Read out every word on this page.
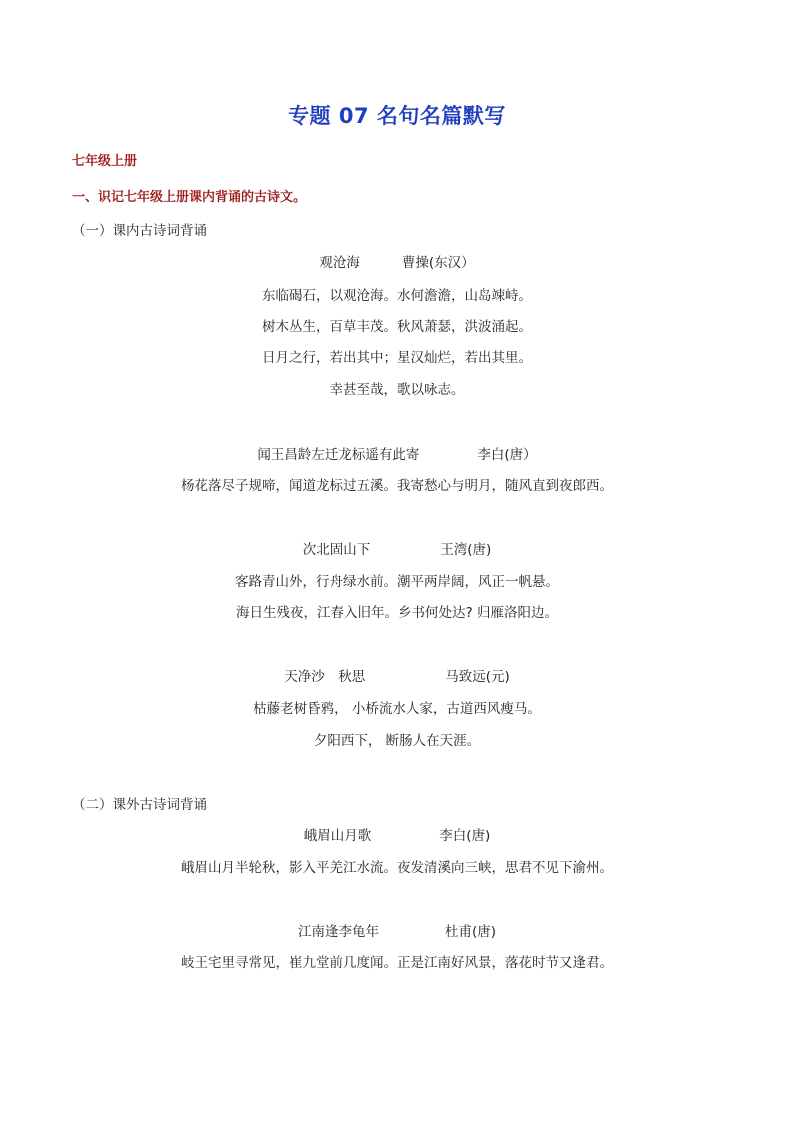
专题 07 名句名篇默写
七年级上册
一、识记七年级上册课内背诵的古诗文。
（一）课内古诗词背诵
观沧海	曹操(东汉）
东临碣石，以观沧海。水何澹澹，山岛竦峙。
树木丛生，百草丰茂。秋风萧瑟，洪波涌起。
日月之行，若出其中；星汉灿烂，若出其里。
幸甚至哉，歌以咏志。
闻王昌龄左迁龙标遥有此寄	李白(唐）
杨花落尽子规啼，闻道龙标过五溪。我寄愁心与明月，随风直到夜郎西。
次北固山下	王湾(唐)
客路青山外，行舟绿水前。潮平两岸阔，风正一帆悬。
海日生残夜，江春入旧年。乡书何处达? 归雁洛阳边。
天净沙　秋思	马致远(元)
枯藤老树昏鸦， 小桥流水人家，古道西风瘦马。
夕阳西下， 断肠人在天涯。
（二）课外古诗词背诵
峨眉山月歌	李白(唐)
峨眉山月半轮秋，影入平羌江水流。夜发清溪向三峡，思君不见下渝州。
江南逢李龟年	杜甫(唐)
岐王宅里寻常见，崔九堂前几度闻。正是江南好风景，落花时节又逢君。
